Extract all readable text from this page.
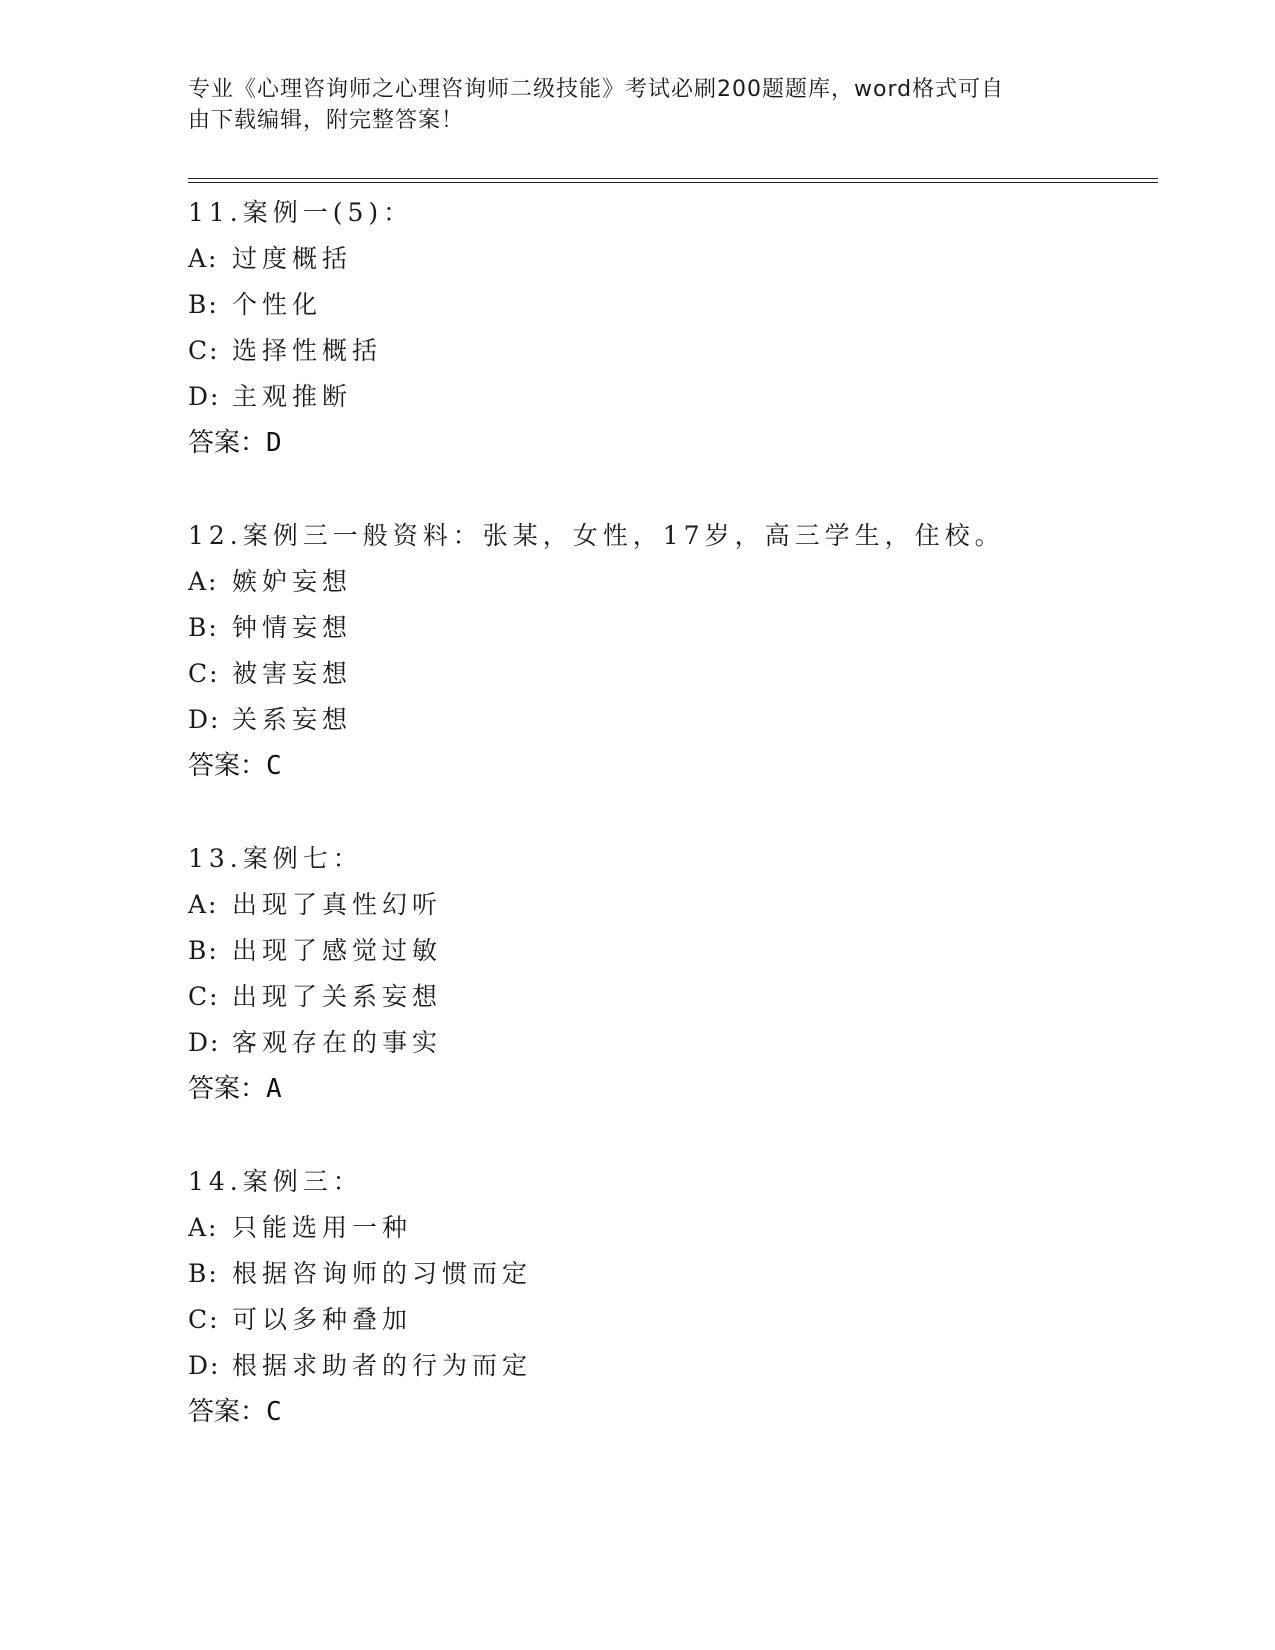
专业《心理咨询师之心理咨询师二级技能》考试必刷200题题库，word格式可自
由下载编辑，附完整答案！
11.案例一(5)：
A: 过度概括
B: 个性化
C: 选择性概括
D: 主观推断
答案：D
12.案例三一般资料：张某，女性，17岁，高三学生，住校。
A: 嫉妒妄想
B: 钟情妄想
C: 被害妄想
D: 关系妄想
答案：C
13.案例七：
A: 出现了真性幻听
B: 出现了感觉过敏
C: 出现了关系妄想
D: 客观存在的事实
答案：A
14.案例三：
A: 只能选用一种
B: 根据咨询师的习惯而定
C: 可以多种叠加
D: 根据求助者的行为而定
答案：C
